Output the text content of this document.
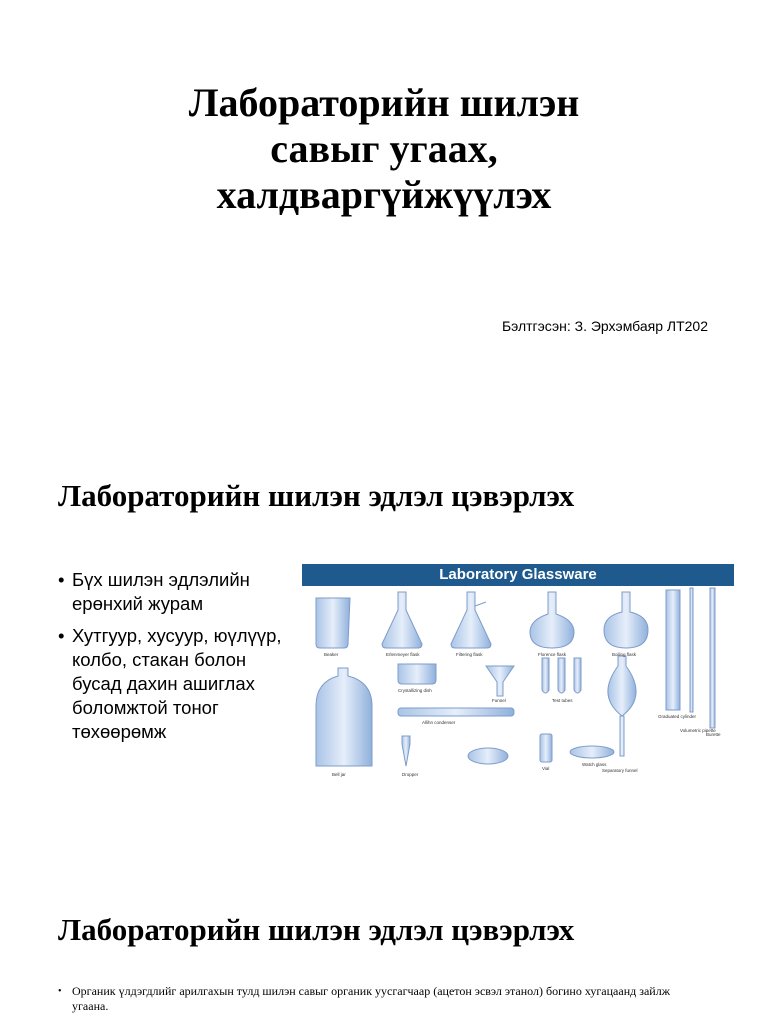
Лабораторийн шилэн
савыг угаах,
халдваргүйжүүлэх
Бэлтгэсэн: З. Эрхэмбаяр ЛТ202
Лабораторийн шилэн эдлэл цэвэрлэх
• Бүх шилэн эдлэлийн ерөнхий журам
• Хутгуур, хусуур, юүлүүр, колбо, стакан болон бусад дахин ашиглах боломжтой тоног төхөөрөмж
Laboratory Glassware
Beaker	Erlenmeyer flask	Filtering flask	Florence flask	Boiling flask
Graduated cylinder
Volumetric pipette
Burette
Bell jar
Crystallizing dish
Funnel	Test tubes
Allihn condenser
Dropper
Vial
Watch glass
Separatory funnel
Лабораторийн шилэн эдлэл цэвэрлэх
• Органик үлдэгдлийг арилгахын тулд шилэн савыг органик уусгагчаар (ацетон эсвэл этанол) богино хугацаанд зайлж угаана.
